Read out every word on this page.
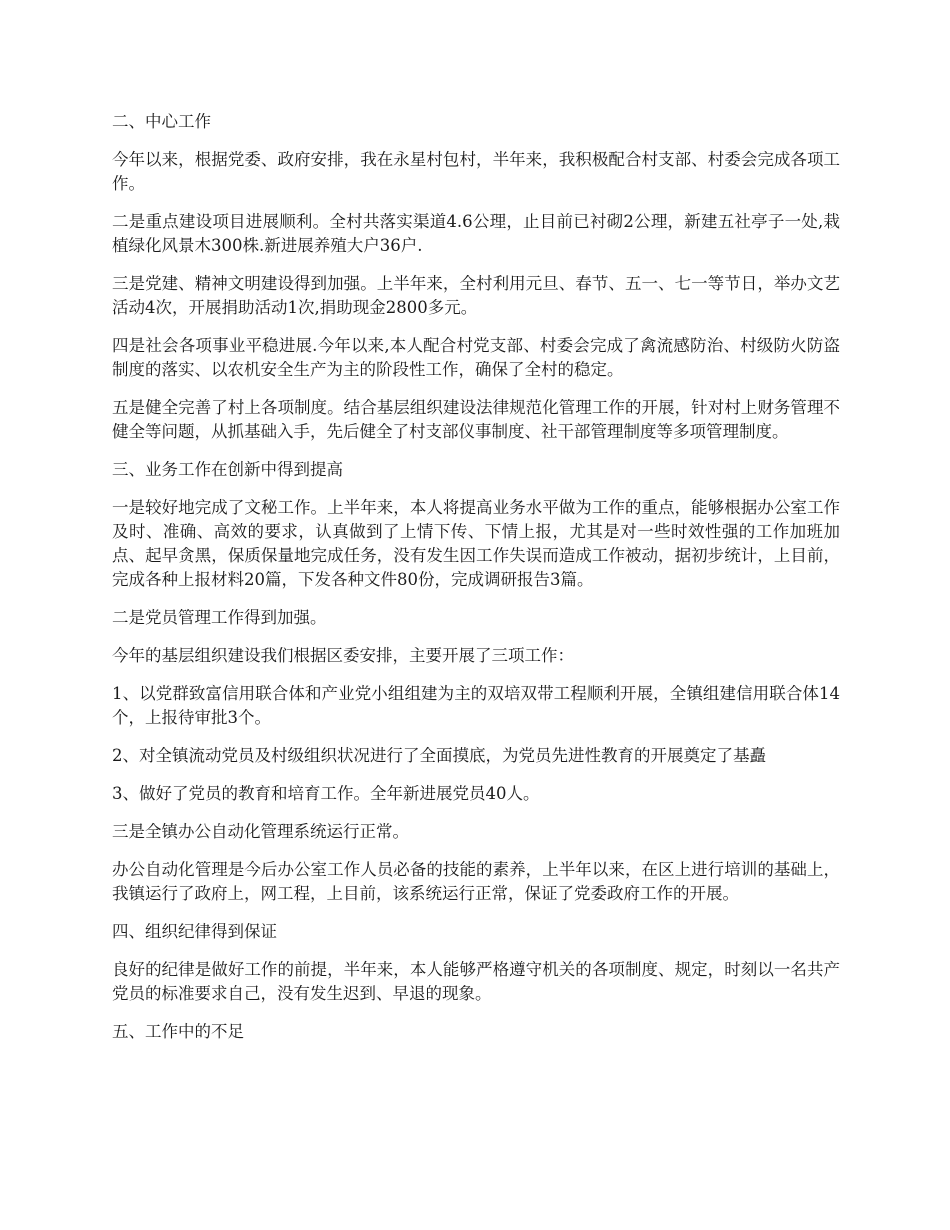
二、中心工作

今年以来，根据党委、政府安排，我在永星村包村，半年来，我积极配合村支部、村委会完成各项工作。

二是重点建设项目进展顺利。全村共落实渠道4.6公理，止目前已衬砌2公理，新建五社亭子一处,栽植绿化风景木300株.新进展养殖大户36户.

三是党建、精神文明建设得到加强。上半年来，全村利用元旦、春节、五一、七一等节日，举办文艺活动4次，开展捐助活动1次,捐助现金2800多元。

四是社会各项事业平稳进展.今年以来,本人配合村党支部、村委会完成了禽流感防治、村级防火防盗制度的落实、以农机安全生产为主的阶段性工作，确保了全村的稳定。

五是健全完善了村上各项制度。结合基层组织建设法律规范化管理工作的开展，针对村上财务管理不健全等问题，从抓基础入手，先后健全了村支部仪事制度、社干部管理制度等多项管理制度。

三、业务工作在创新中得到提高

一是较好地完成了文秘工作。上半年来，本人将提高业务水平做为工作的重点，能够根据办公室工作及时、准确、高效的要求，认真做到了上情下传、下情上报，尤其是对一些时效性强的工作加班加点、起早贪黑，保质保量地完成任务，没有发生因工作失误而造成工作被动，据初步统计，上目前，完成各种上报材料20篇，下发各种文件80份，完成调研报告3篇。

二是党员管理工作得到加强。

今年的基层组织建设我们根据区委安排，主要开展了三项工作：

1、以党群致富信用联合体和产业党小组组建为主的双培双带工程顺利开展，全镇组建信用联合体14个，上报待审批3个。

2、对全镇流动党员及村级组织状况进行了全面摸底，为党员先进性教育的开展奠定了基矗

3、做好了党员的教育和培育工作。全年新进展党员40人。

三是全镇办公自动化管理系统运行正常。

办公自动化管理是今后办公室工作人员必备的技能的素养，上半年以来，在区上进行培训的基础上，我镇运行了政府上，网工程，上目前，该系统运行正常，保证了党委政府工作的开展。

四、组织纪律得到保证

良好的纪律是做好工作的前提，半年来，本人能够严格遵守机关的各项制度、规定，时刻以一名共产党员的标准要求自己，没有发生迟到、早退的现象。

五、工作中的不足
